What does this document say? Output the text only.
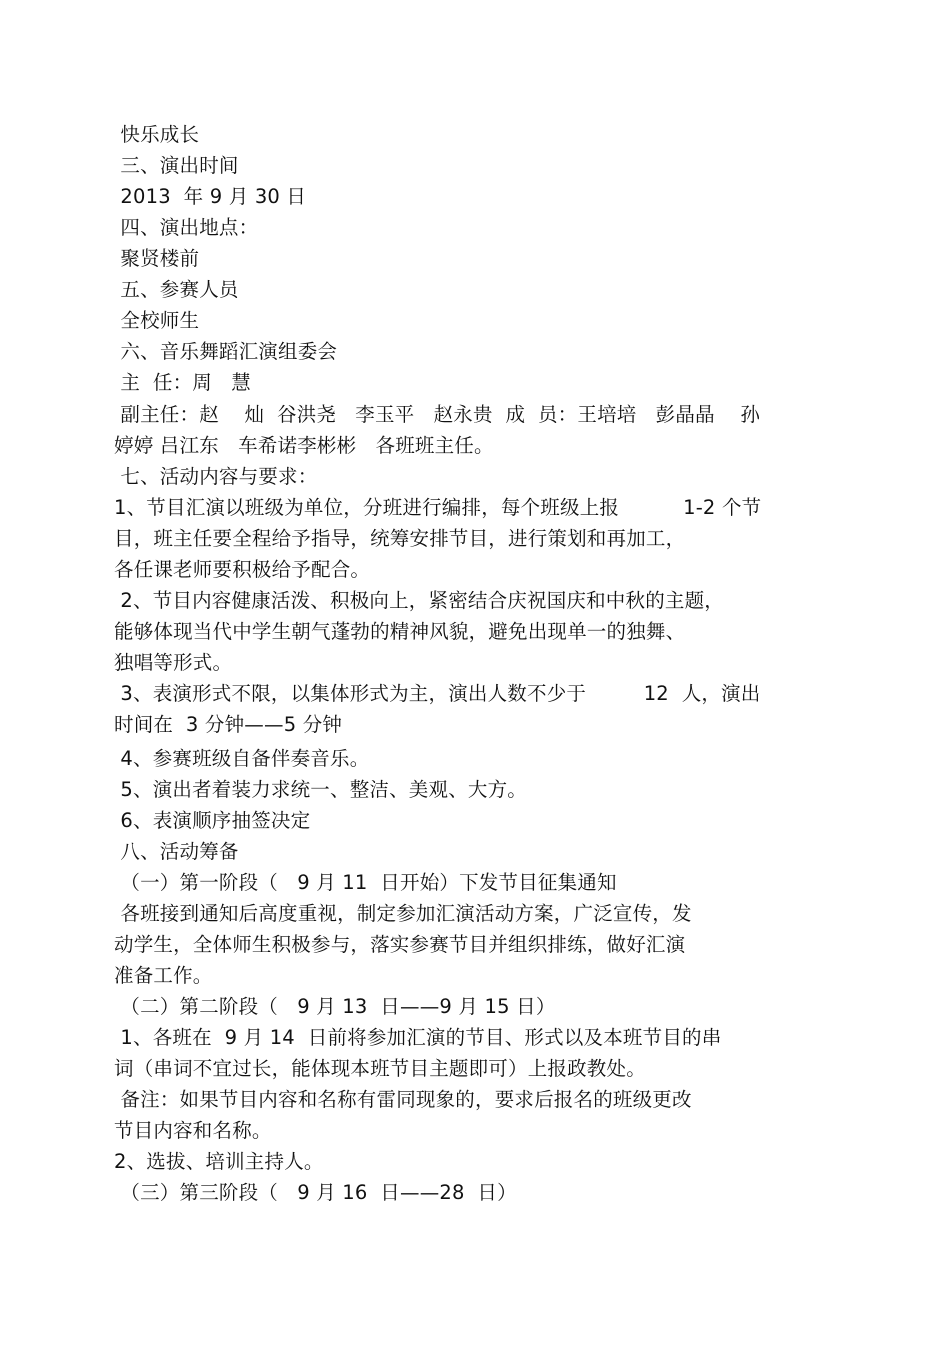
快乐成长
三、演出时间
2013  年 9 月 30 日
四、演出地点：
聚贤楼前
五、参赛人员
全校师生
六、音乐舞蹈汇演组委会
主  任：周   慧
副主任：赵    灿  谷洪尧   李玉平   赵永贵  成  员：王培培   彭晶晶    孙
婷婷 吕江东   车希诺李彬彬   各班班主任。
七、活动内容与要求：
1、节目汇演以班级为单位，分班进行编排，每个班级上报          1-2 个节
目，班主任要全程给予指导，统筹安排节目，进行策划和再加工，
各任课老师要积极给予配合。
2、节目内容健康活泼、积极向上，紧密结合庆祝国庆和中秋的主题，
能够体现当代中学生朝气蓬勃的精神风貌，避免出现单一的独舞、
独唱等形式。
3、表演形式不限，以集体形式为主，演出人数不少于         12  人，演出
时间在  3 分钟——5 分钟
4、参赛班级自备伴奏音乐。
5、演出者着装力求统一、整洁、美观、大方。
6、表演顺序抽签决定
八、活动筹备
（一）第一阶段（   9 月 11  日开始）下发节目征集通知
各班接到通知后高度重视，制定参加汇演活动方案，广泛宣传，发
动学生，全体师生积极参与，落实参赛节目并组织排练，做好汇演
准备工作。
（二）第二阶段（   9 月 13  日——9 月 15 日）
1、各班在  9 月 14  日前将参加汇演的节目、形式以及本班节目的串
词（串词不宜过长，能体现本班节目主题即可）上报政教处。
备注：如果节目内容和名称有雷同现象的，要求后报名的班级更改
节目内容和名称。
2、选拔、培训主持人。
（三）第三阶段（   9 月 16  日——28  日）
